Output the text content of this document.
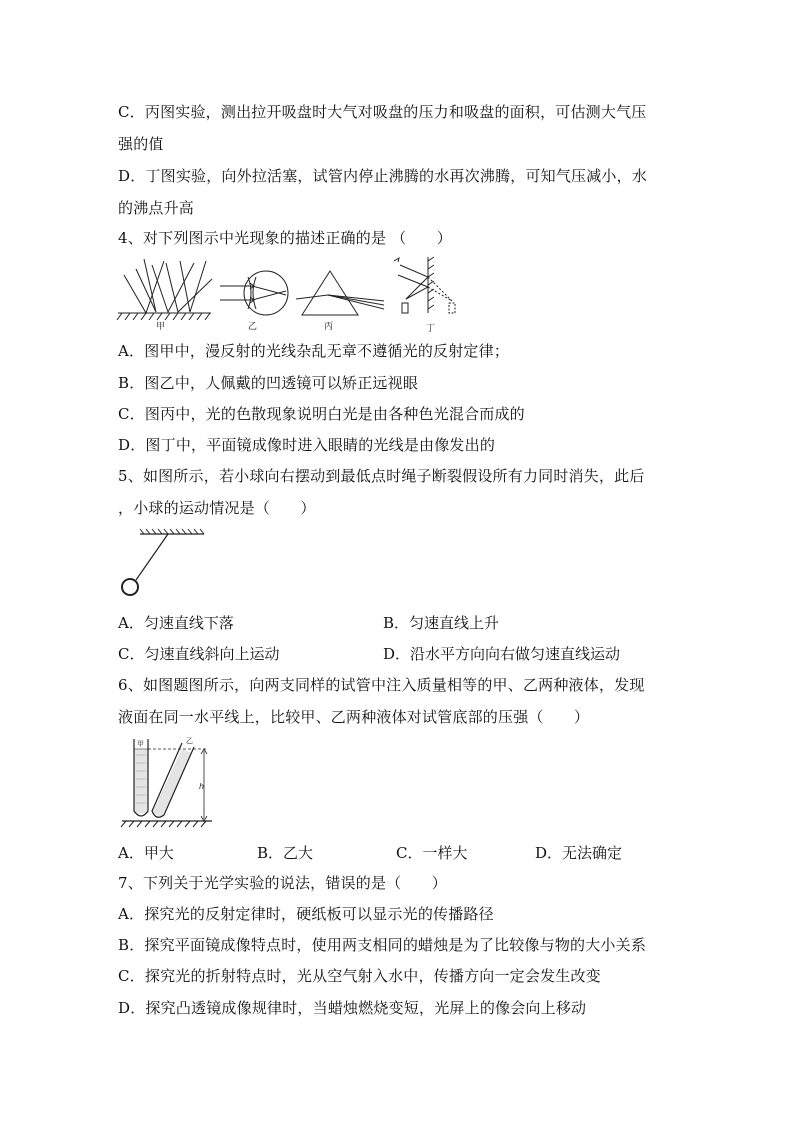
C．丙图实验，测出拉开吸盘时大气对吸盘的压力和吸盘的面积，可估测大气压
强的值
D．丁图实验，向外拉活塞，试管内停止沸腾的水再次沸腾，可知气压减小，水
的沸点升高
4、对下列图示中光现象的描述正确的是 （　　）
甲	乙	丙	丁
A．图甲中，漫反射的光线杂乱无章不遵循光的反射定律；
B．图乙中，人佩戴的凹透镜可以矫正远视眼
C．图丙中，光的色散现象说明白光是由各种色光混合而成的
D．图丁中，平面镜成像时进入眼睛的光线是由像发出的
5、如图所示，若小球向右摆动到最低点时绳子断裂假设所有力同时消失，此后
，小球的运动情况是（　　）
A．匀速直线下落	B．匀速直线上升
C．匀速直线斜向上运动	D．沿水平方向向右做匀速直线运动
6、如图题图所示，向两支同样的试管中注入质量相等的甲、乙两种液体，发现
液面在同一水平线上，比较甲、乙两种液体对试管底部的压强（　　）
甲	乙
h
A．甲大	B．乙大	C．一样大	D．无法确定
7、下列关于光学实验的说法，错误的是（　　）
A．探究光的反射定律时，硬纸板可以显示光的传播路径
B．探究平面镜成像特点时，使用两支相同的蜡烛是为了比较像与物的大小关系
C．探究光的折射特点时，光从空气射入水中，传播方向一定会发生改变
D．探究凸透镜成像规律时，当蜡烛燃烧变短，光屏上的像会向上移动
